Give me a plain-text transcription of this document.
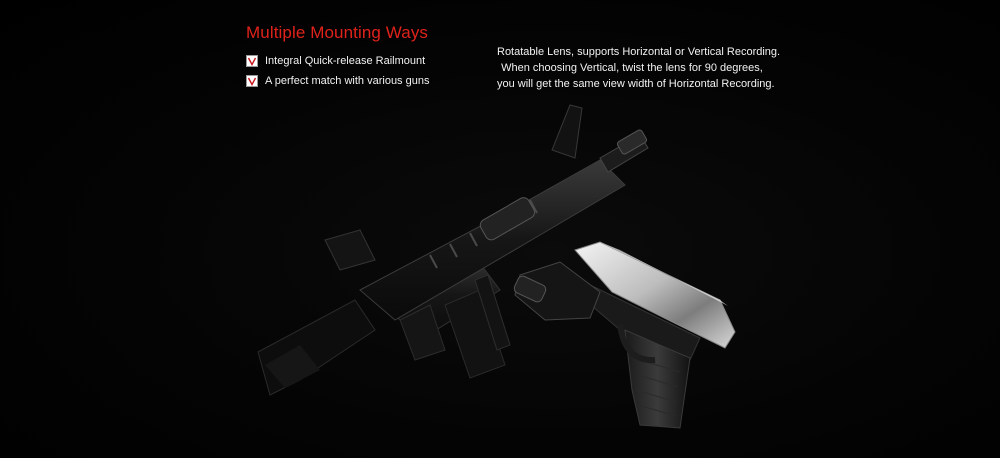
Multiple Mounting Ways
Integral Quick-release Railmount
A perfect match with various guns
Rotatable Lens, supports Horizontal or Vertical Recording.
When choosing Vertical, twist the lens for 90 degrees,
you will get the same view width of Horizontal Recording.
